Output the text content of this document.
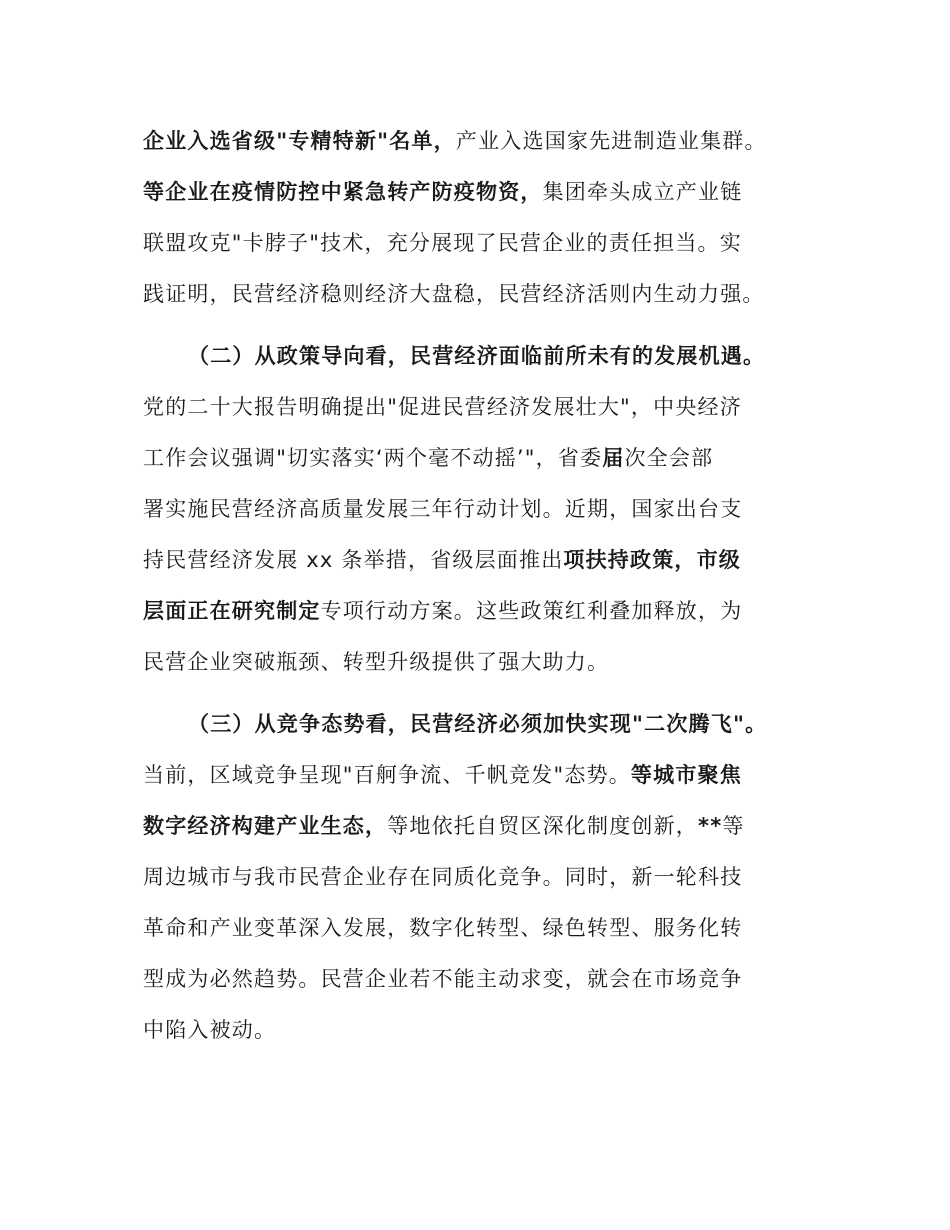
企业入选省级"专精特新"名单，产业入选国家先进制造业集群。
等企业在疫情防控中紧急转产防疫物资，集团牵头成立产业链
联盟攻克"卡脖子"技术，充分展现了民营企业的责任担当。实
践证明，民营经济稳则经济大盘稳，民营经济活则内生动力强。
（二）从政策导向看，民营经济面临前所未有的发展机遇。
党的二十大报告明确提出"促进民营经济发展壮大"，中央经济
工作会议强调"切实落实‘两个毫不动摇’"，省委届次全会部
署实施民营经济高质量发展三年行动计划。近期，国家出台支
持民营经济发展 xx 条举措，省级层面推出项扶持政策，市级
层面正在研究制定专项行动方案。这些政策红利叠加释放，为
民营企业突破瓶颈、转型升级提供了强大助力。
（三）从竞争态势看，民营经济必须加快实现"二次腾飞"。
当前，区域竞争呈现"百舸争流、千帆竞发"态势。等城市聚焦
数字经济构建产业生态，等地依托自贸区深化制度创新，**等
周边城市与我市民营企业存在同质化竞争。同时，新一轮科技
革命和产业变革深入发展，数字化转型、绿色转型、服务化转
型成为必然趋势。民营企业若不能主动求变，就会在市场竞争
中陷入被动。
